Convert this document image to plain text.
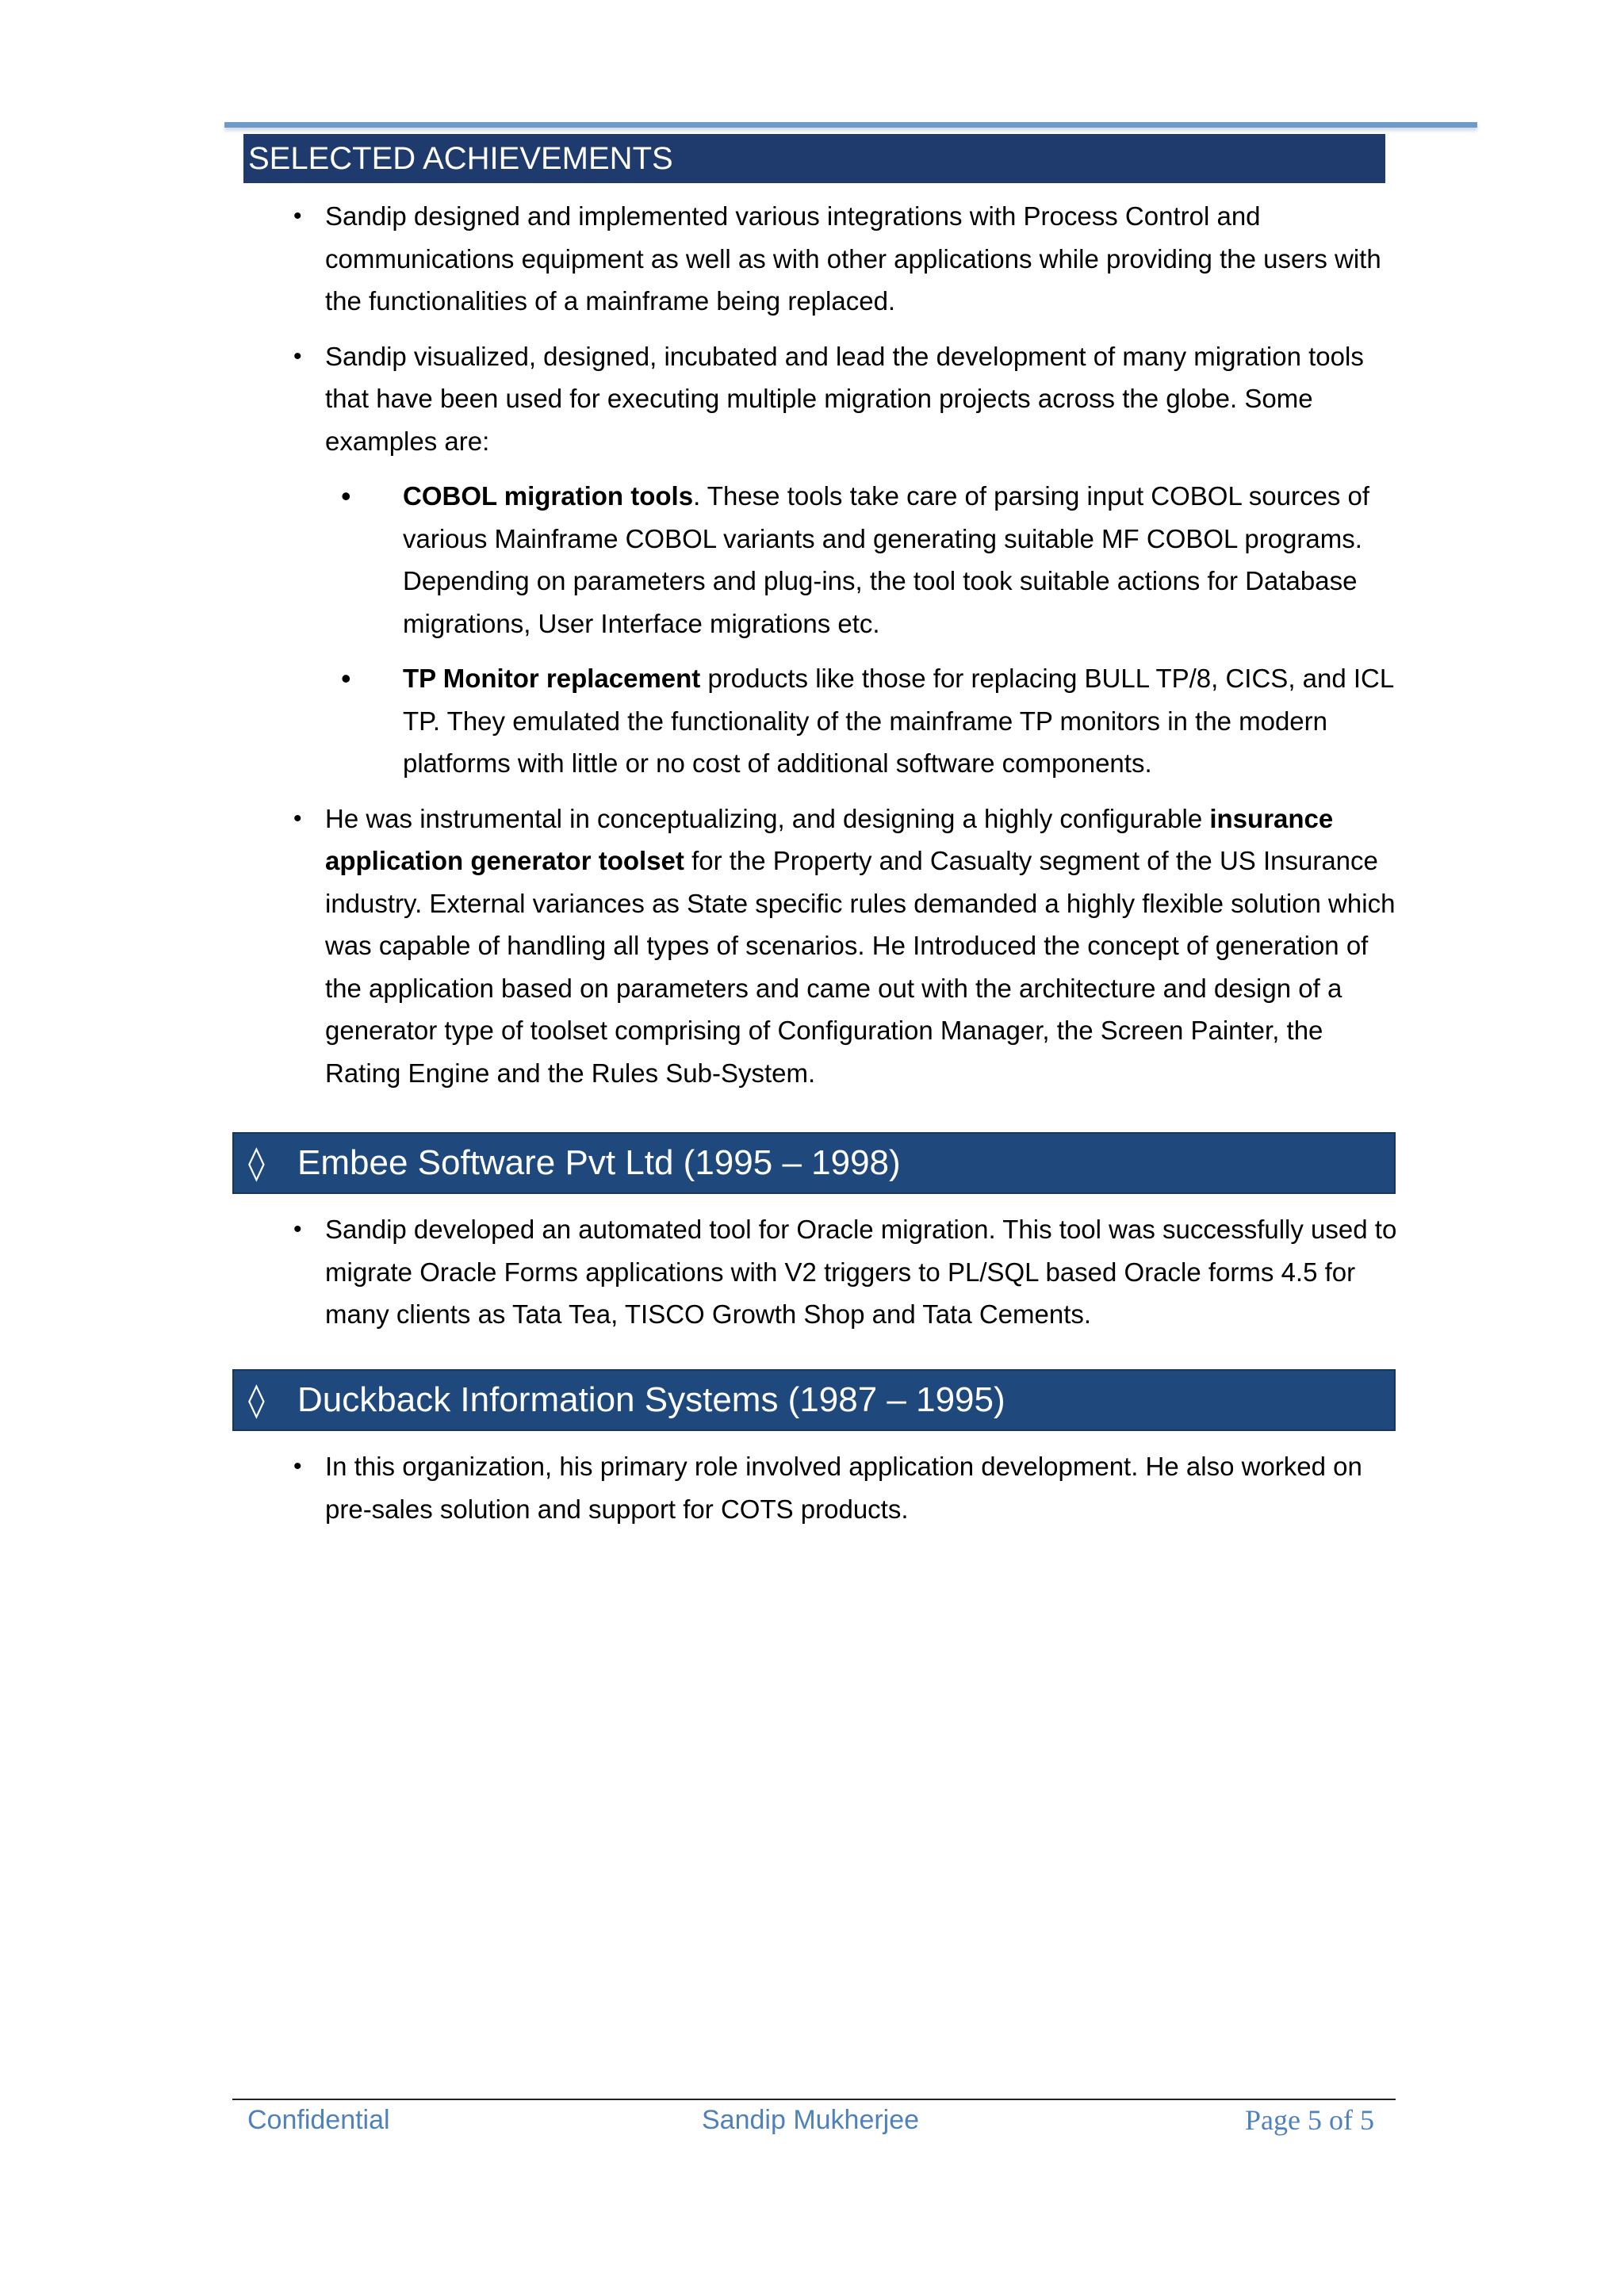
SELECTED ACHIEVEMENTS

• Sandip designed and implemented various integrations with Process Control and communications equipment as well as with other applications while providing the users with the functionalities of a mainframe being replaced.

• Sandip visualized, designed, incubated and lead the development of many migration tools that have been used for executing multiple migration projects across the globe. Some examples are:

• COBOL migration tools. These tools take care of parsing input COBOL sources of various Mainframe COBOL variants and generating suitable MF COBOL programs. Depending on parameters and plug-ins, the tool took suitable actions for Database migrations, User Interface migrations etc.

• TP Monitor replacement products like those for replacing BULL TP/8, CICS, and ICL TP. They emulated the functionality of the mainframe TP monitors in the modern platforms with little or no cost of additional software components.

• He was instrumental in conceptualizing, and designing a highly configurable insurance application generator toolset for the Property and Casualty segment of the US Insurance industry. External variances as State specific rules demanded a highly flexible solution which was capable of handling all types of scenarios. He Introduced the concept of generation of the application based on parameters and came out with the architecture and design of a generator type of toolset comprising of Configuration Manager, the Screen Painter, the Rating Engine and the Rules Sub-System.

◊ Embee Software Pvt Ltd (1995 – 1998)

• Sandip developed an automated tool for Oracle migration. This tool was successfully used to migrate Oracle Forms applications with V2 triggers to PL/SQL based Oracle forms 4.5 for many clients as Tata Tea, TISCO Growth Shop and Tata Cements.

◊ Duckback Information Systems (1987 – 1995)

• In this organization, his primary role involved application development. He also worked on pre-sales solution and support for COTS products.

Confidential	Sandip Mukherjee	Page 5 of 5
